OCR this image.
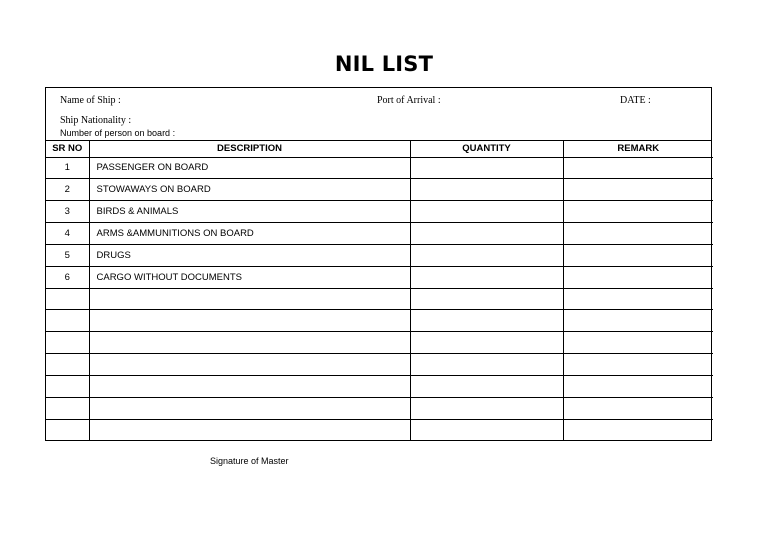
NIL LIST
Name of Ship :	Port of Arrival :	DATE :
Ship Nationality :
Number of person on board :
SR NO	DESCRIPTION	QUANTITY	REMARK
1	PASSENGER ON BOARD		
2	STOWAWAYS ON BOARD		
3	BIRDS & ANIMALS		
4	ARMS &AMMUNITIONS ON BOARD		
5	DRUGS		
6	CARGO WITHOUT DOCUMENTS		

Signature of Master
